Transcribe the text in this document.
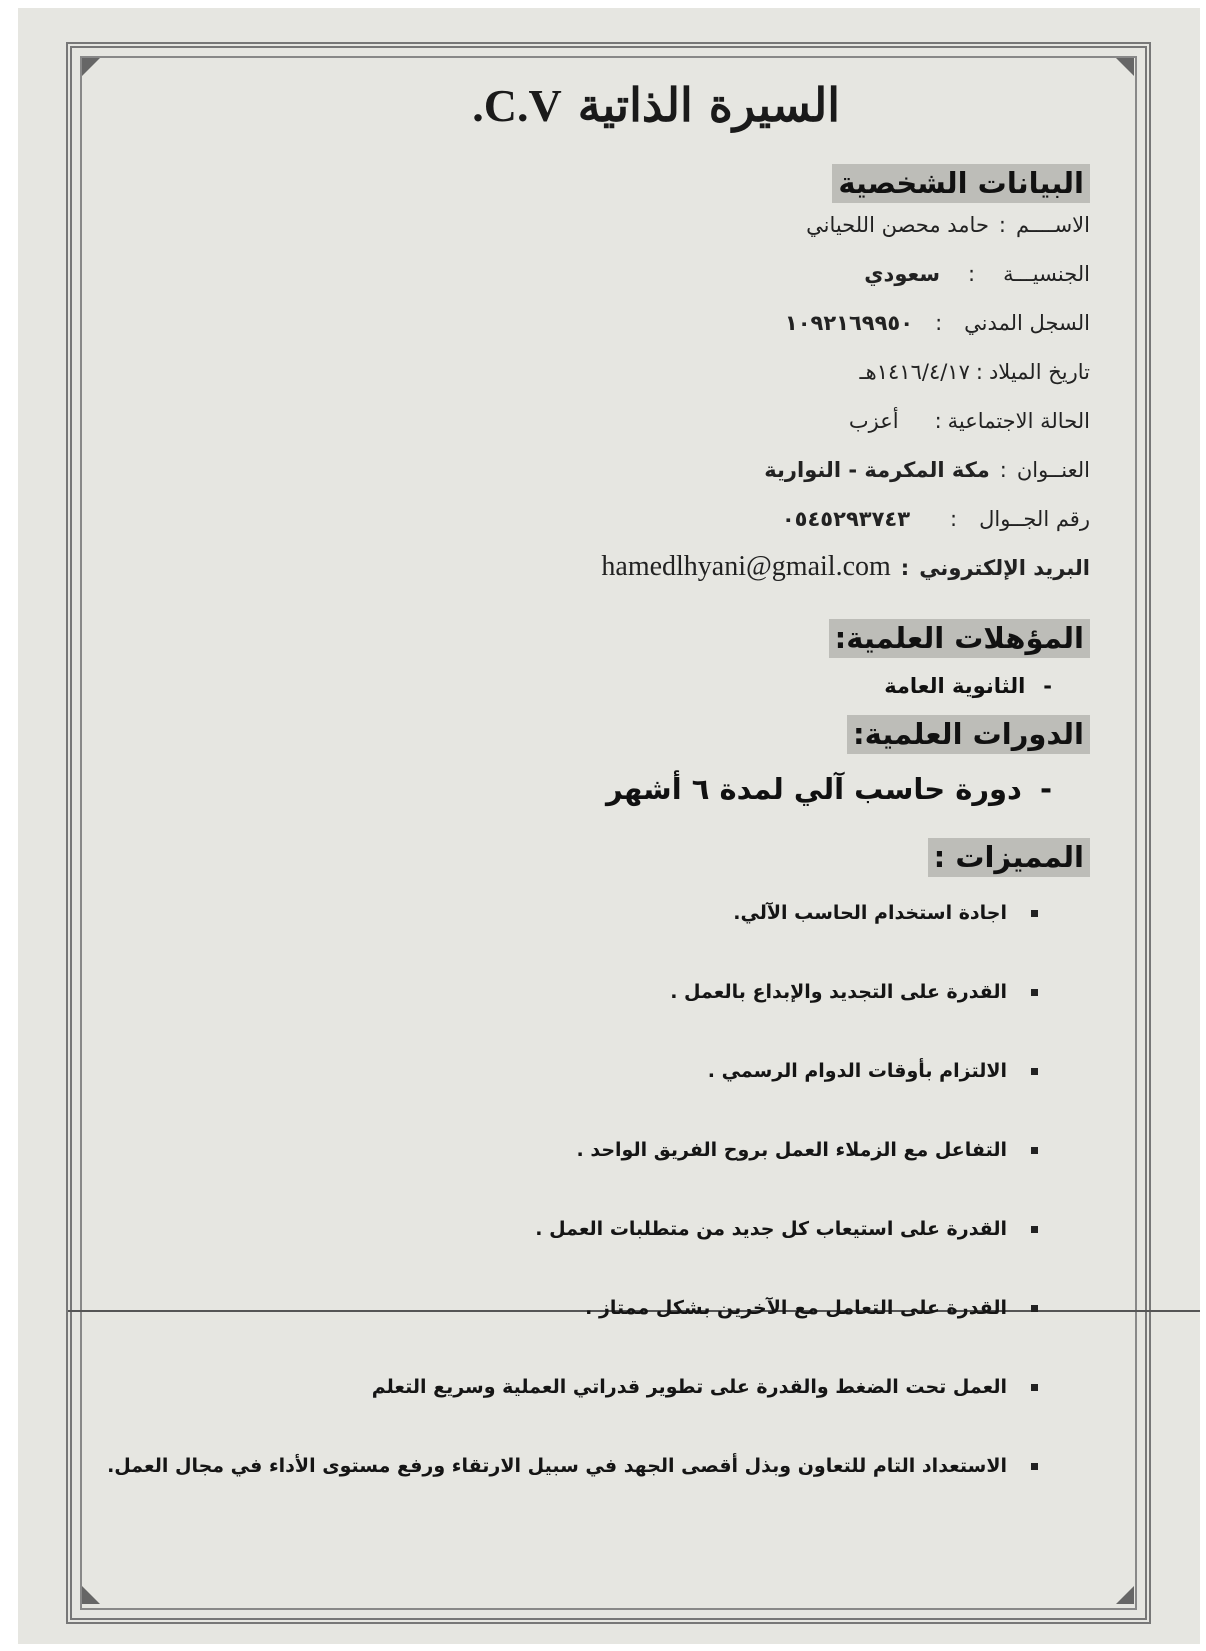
السيرة الذاتية C.V.
البيانات الشخصية
الاســــم:حامد محصن اللحياني
الجنسيـــة:سعودي
السجل المدني:١٠٩٢١٦٩٩٥٠
تاريخ الميلاد:١٤١٦/٤/١٧هـ
الحالة الاجتماعية:أعزب
العنــوان:مكة المكرمة - النوارية
رقم الجــوال:٠٥٤٥٢٩٣٧٤٣
البريد الإلكتروني:hamedlhyani@gmail.com
المؤهلات العلمية:
-الثانوية العامة
الدورات العلمية:
-دورة حاسب آلي لمدة ٦ أشهر
المميزات :
اجادة استخدام الحاسب الآلي.
القدرة على التجديد والإبداع بالعمل .
الالتزام بأوقات الدوام الرسمي .
التفاعل مع الزملاء العمل بروح الفريق الواحد .
القدرة على استيعاب كل جديد من متطلبات العمل .
القدرة على التعامل مع الآخرين بشكل ممتاز .
العمل تحت الضغط والقدرة على تطوير قدراتي العملية وسريع التعلم
الاستعداد التام للتعاون وبذل أقصى الجهد في سبيل الارتقاء ورفع مستوى الأداء في مجال العمل.
